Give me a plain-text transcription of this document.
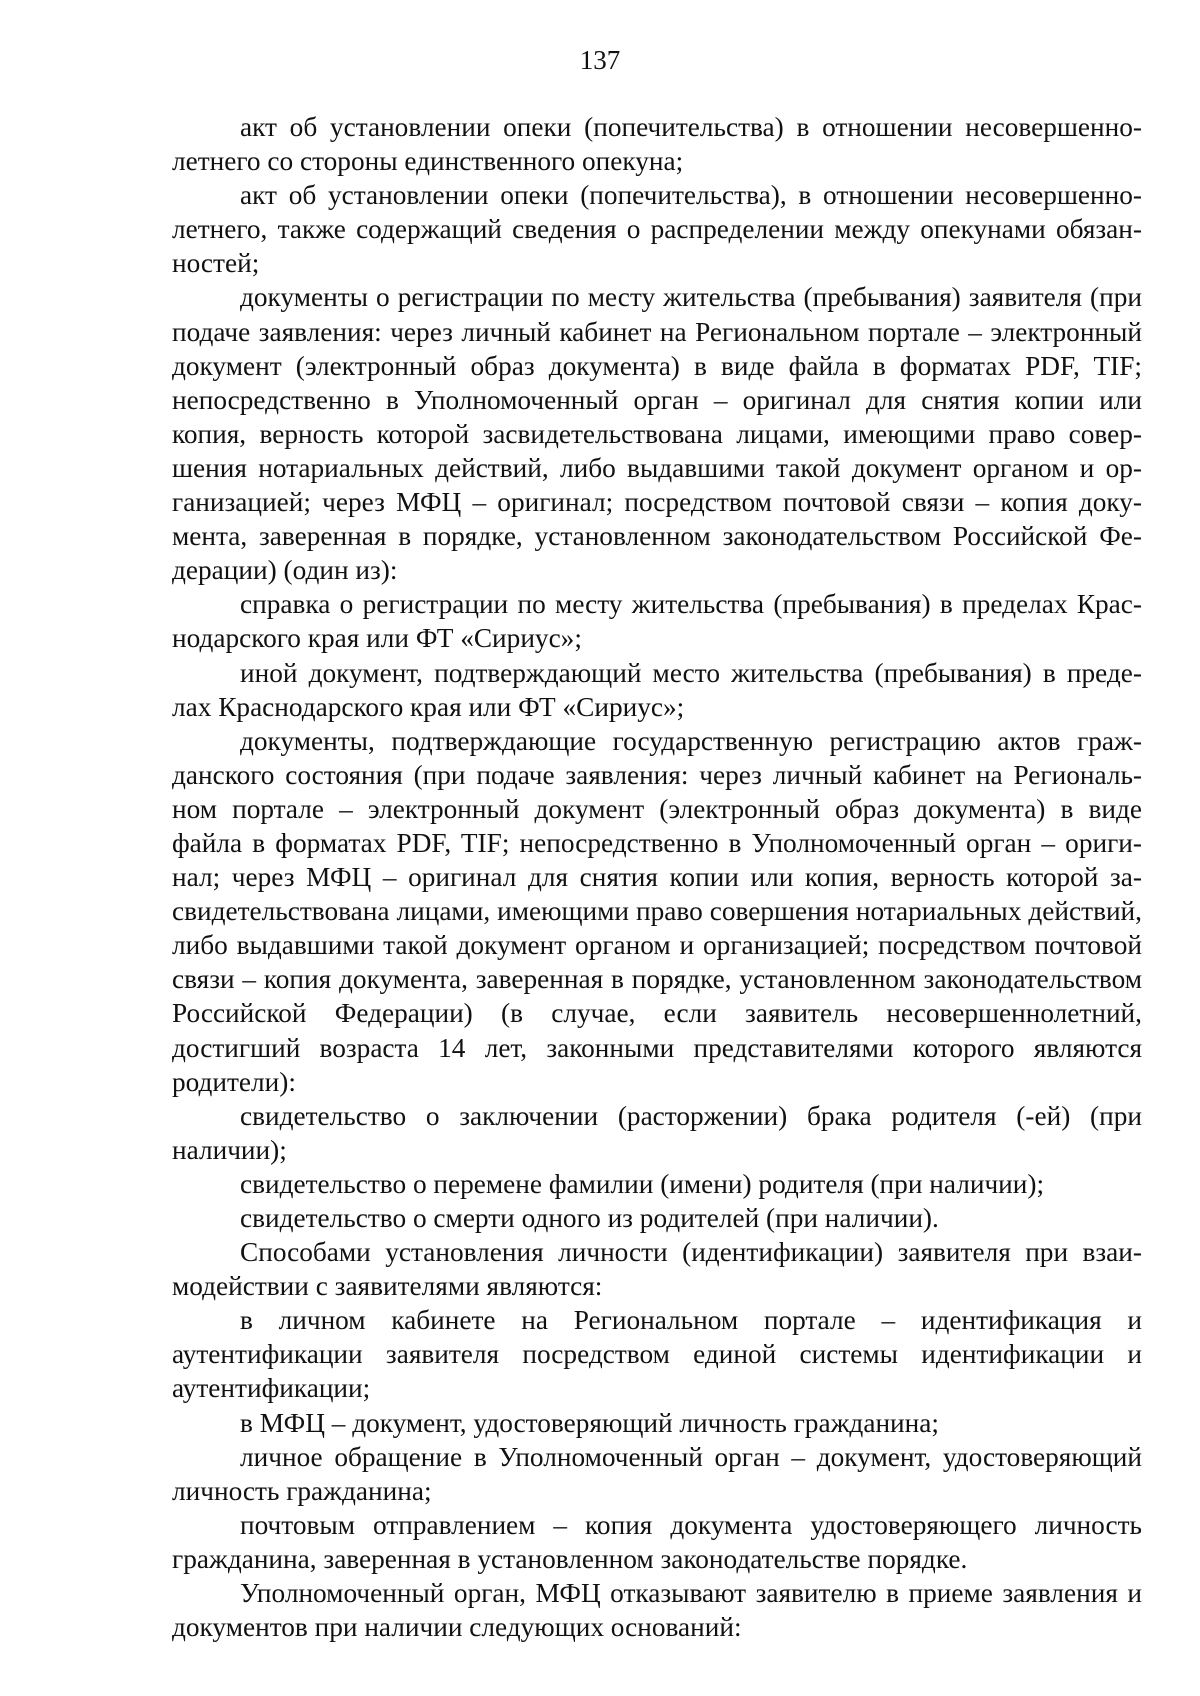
137

акт об установлении опеки (попечительства) в отношении несовершеннолетнего со стороны единственного опекуна;

акт об установлении опеки (попечительства), в отношении несовершеннолетнего, также содержащий сведения о распределении между опекунами обязанностей;

документы о регистрации по месту жительства (пребывания) заявителя (при подаче заявления: через личный кабинет на Региональном портале – электронный документ (электронный образ документа) в виде файла в форматах PDF, TIF; непосредственно в Уполномоченный орган – оригинал для снятия копии или копия, верность которой засвидетельствована лицами, имеющими право совершения нотариальных действий, либо выдавшими такой документ органом и организацией; через МФЦ – оригинал; посредством почтовой связи – копия документа, заверенная в порядке, установленном законодательством Российской Федерации) (один из):

справка о регистрации по месту жительства (пребывания) в пределах Краснодарского края или ФТ «Сириус»;

иной документ, подтверждающий место жительства (пребывания) в пределах Краснодарского края или ФТ «Сириус»;

документы, подтверждающие государственную регистрацию актов гражданского состояния (при подаче заявления: через личный кабинет на Региональном портале – электронный документ (электронный образ документа) в виде файла в форматах PDF, TIF; непосредственно в Уполномоченный орган – оригинал; через МФЦ – оригинал для снятия копии или копия, верность которой засвидетельствована лицами, имеющими право совершения нотариальных действий, либо выдавшими такой документ органом и организацией; посредством почтовой связи – копия документа, заверенная в порядке, установленном законодательством Российской Федерации) (в случае, если заявитель несовершеннолетний, достигший возраста 14 лет, законными представителями которого являются родители):

свидетельство о заключении (расторжении) брака родителя (-ей) (при наличии);

свидетельство о перемене фамилии (имени) родителя (при наличии);

свидетельство о смерти одного из родителей (при наличии).

Способами установления личности (идентификации) заявителя при взаимодействии с заявителями являются:

в личном кабинете на Региональном портале – идентификация и аутентификации заявителя посредством единой системы идентификации и аутентификации;

в МФЦ – документ, удостоверяющий личность гражданина;

личное обращение в Уполномоченный орган – документ, удостоверяющий личность гражданина;

почтовым отправлением – копия документа удостоверяющего личность гражданина, заверенная в установленном законодательстве порядке.

Уполномоченный орган, МФЦ отказывают заявителю в приеме заявления и документов при наличии следующих оснований:
